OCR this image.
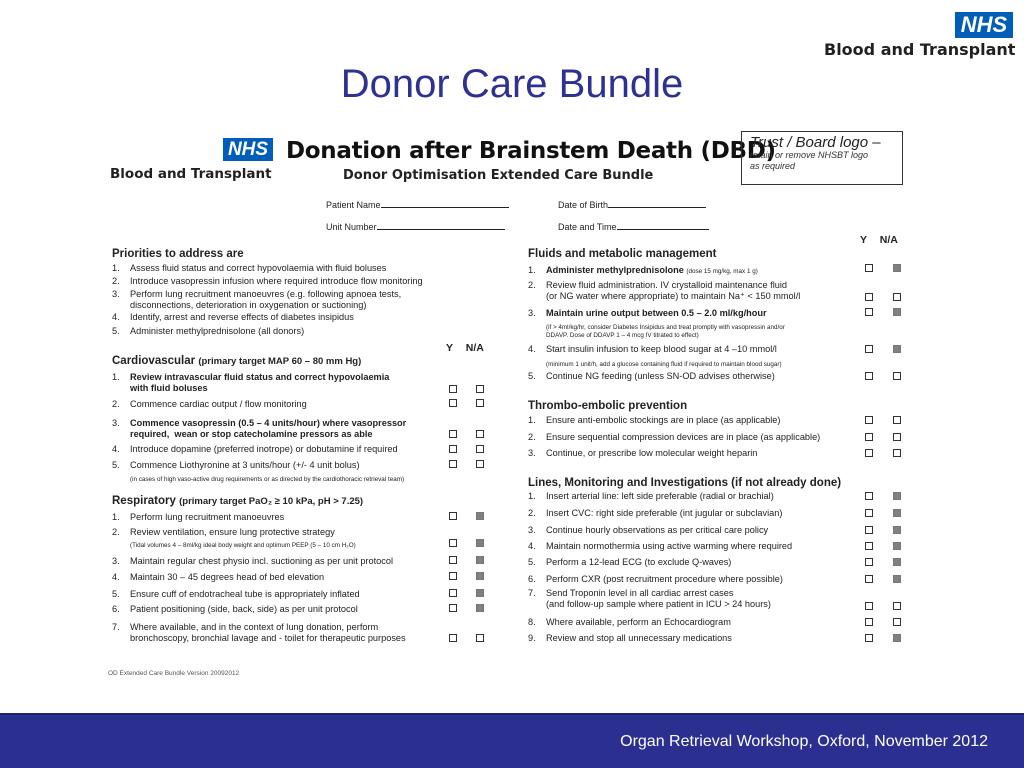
NHS
Blood and Transplant
Donor Care Bundle
NHS
Blood and Transplant
Donation after Brainstem Death (DBD)
Donor Optimisation Extended Care Bundle
Trust / Board logo –
retain or remove NHSBT logo
as required
Patient Name
Unit Number
Date of Birth
Date and Time
Priorities to address are
1. Assess fluid status and correct hypovolaemia with fluid boluses
2. Introduce vasopressin infusion where required introduce flow monitoring
3. Perform lung recruitment manoeuvres (e.g. following apnoea tests,
disconnections, deterioration in oxygenation or suctioning)
4. Identify, arrest and reverse effects of diabetes insipidus
5. Administer methylprednisolone (all donors)
Cardiovascular (primary target MAP 60 – 80 mm Hg)
Y N/A
1. Review intravascular fluid status and correct hypovolaemia
with fluid boluses
2. Commence cardiac output / flow monitoring
3. Commence vasopressin (0.5 – 4 units/hour) where vasopressor
required,  wean or stop catecholamine pressors as able
4. Introduce dopamine (preferred inotrope) or dobutamine if required
5. Commence Liothyronine at 3 units/hour (+/- 4 unit bolus)
(in cases of high vaso-active drug requirements or as directed by the cardiothoracic retrieval team)
Respiratory (primary target PaO₂ ≥ 10 kPa, pH > 7.25)
1. Perform lung recruitment manoeuvres
2. Review ventilation, ensure lung protective strategy
(Tidal volumes 4 – 8ml/kg ideal body weight and optimum PEEP (5 – 10 cm H₂O)
3. Maintain regular chest physio incl. suctioning as per unit protocol
4. Maintain 30 – 45 degrees head of bed elevation
5. Ensure cuff of endotracheal tube is appropriately inflated
6. Patient positioning (side, back, side) as per unit protocol
7. Where available, and in the context of lung donation, perform
bronchoscopy, bronchial lavage and - toilet for therapeutic purposes
OD Extended Care Bundle Version 20092012
Y N/A
Fluids and metabolic management
1. Administer methylprednisolone (dose 15 mg/kg, max 1 g)
2. Review fluid administration. IV crystalloid maintenance fluid
(or NG water where appropriate) to maintain Na⁺ < 150 mmol/l
3. Maintain urine output between 0.5 – 2.0 ml/kg/hour
(if > 4ml/kg/hr, consider Diabetes Insipidus and treat promptly with vasopressin and/or
DDAVP. Dose of DDAVP 1 – 4 mcg IV titrated to effect)
4. Start insulin infusion to keep blood sugar at 4 –10 mmol/l
(minimum 1 unit/h, add a glucose containing fluid if required to maintain blood sugar)
5. Continue NG feeding (unless SN-OD advises otherwise)
Thrombo-embolic prevention
1. Ensure anti-embolic stockings are in place (as applicable)
2. Ensure sequential compression devices are in place (as applicable)
3. Continue, or prescribe low molecular weight heparin
Lines, Monitoring and Investigations (if not already done)
1. Insert arterial line: left side preferable (radial or brachial)
2. Insert CVC: right side preferable (int jugular or subclavian)
3. Continue hourly observations as per critical care policy
4. Maintain normothermia using active warming where required
5. Perform a 12-lead ECG (to exclude Q-waves)
6. Perform CXR (post recruitment procedure where possible)
7. Send Troponin level in all cardiac arrest cases
(and follow-up sample where patient in ICU > 24 hours)
8. Where available, perform an Echocardiogram
9. Review and stop all unnecessary medications
Organ Retrieval Workshop, Oxford, November 2012
